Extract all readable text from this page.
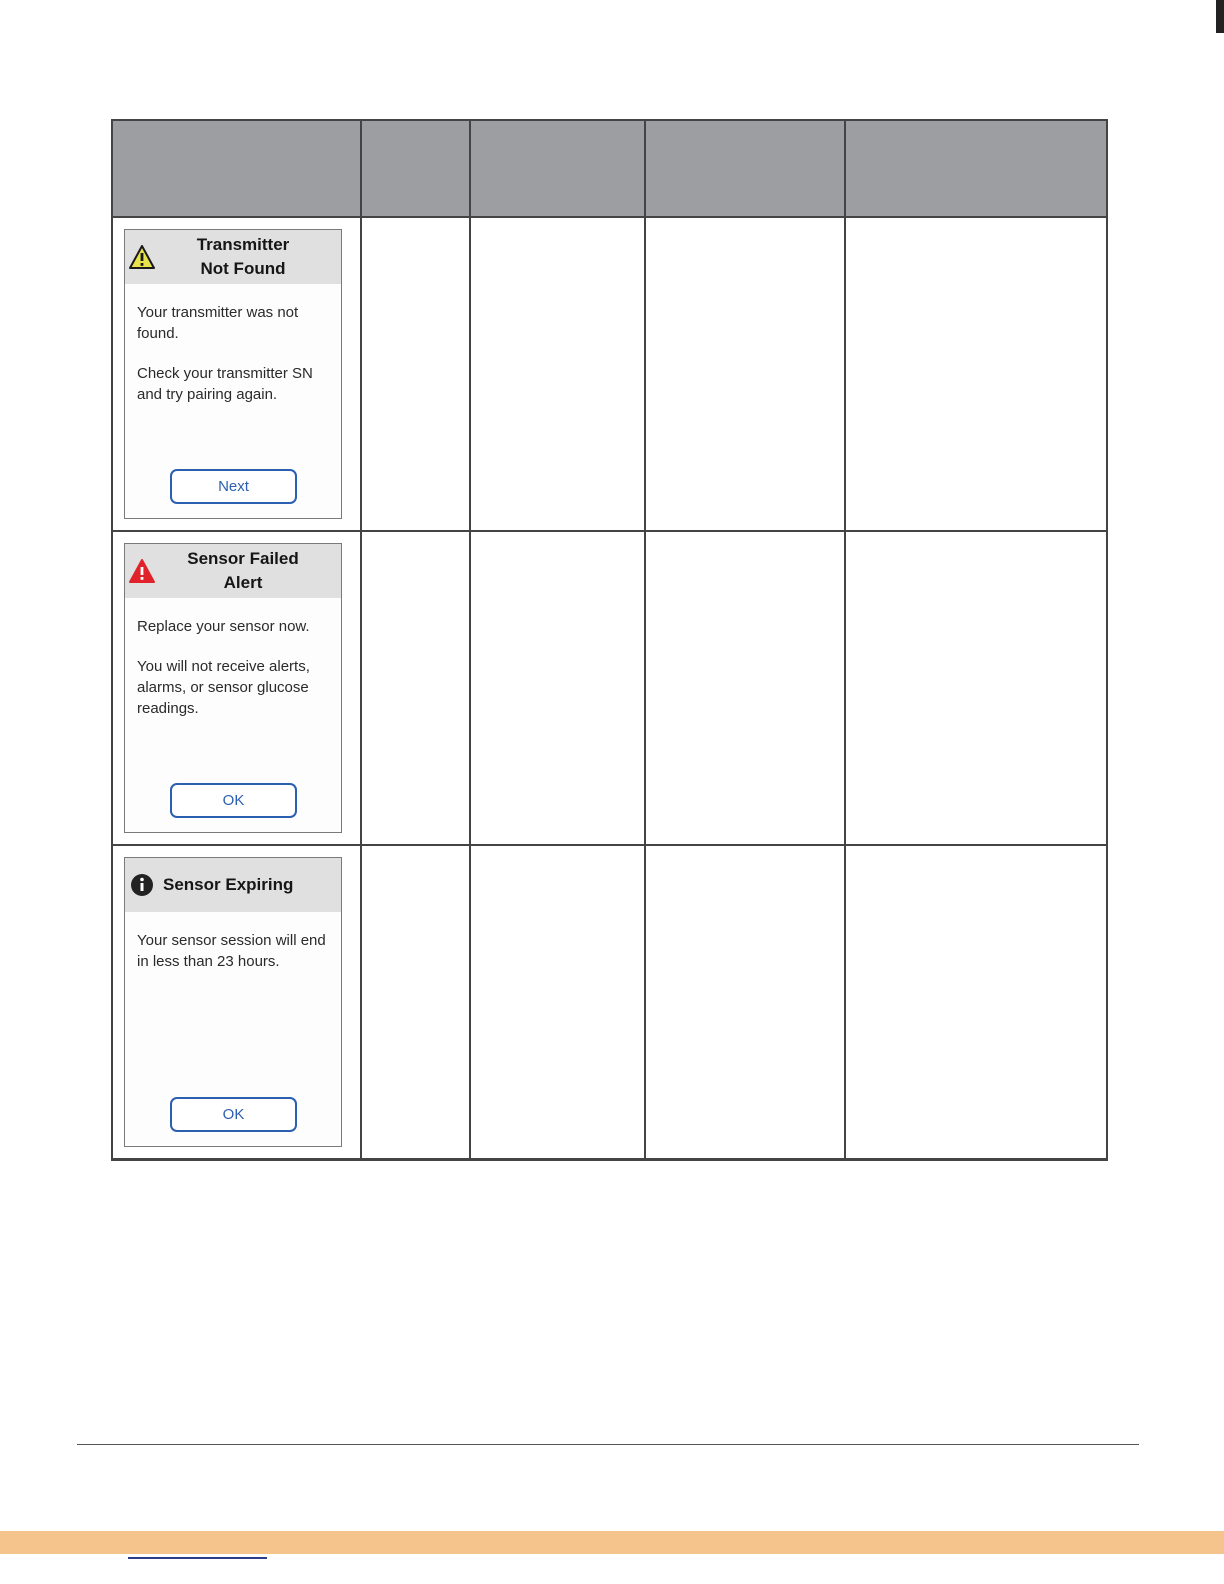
Transmitter
Not Found

Your transmitter was not found.

Check your transmitter SN and try pairing again.

Next				

Sensor Failed
Alert

Replace your sensor now.

You will not receive alerts, alarms, or sensor glucose readings.

OK				

Sensor Expiring

Your sensor session will end in less than 23 hours.

OK				
